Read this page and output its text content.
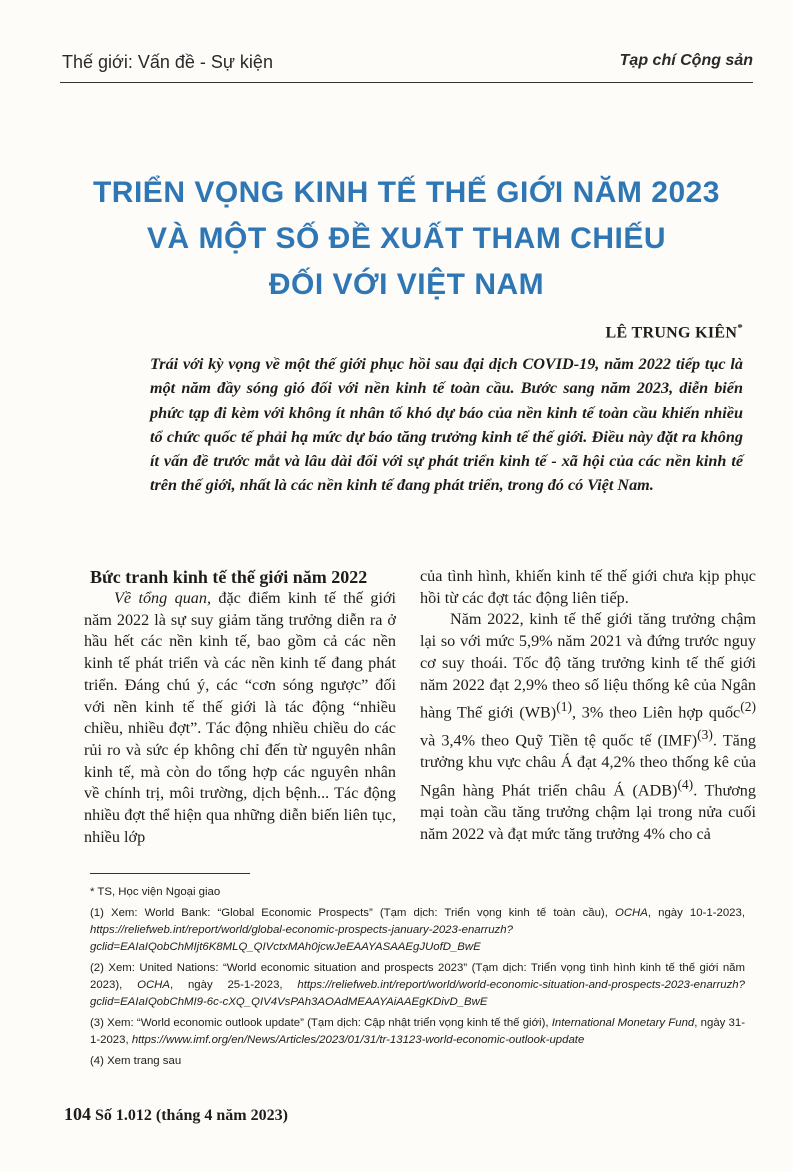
Thế giới: Vấn đề - Sự kiện	Tạp chí Cộng sản
TRIỂN VỌNG KINH TẾ THẾ GIỚI NĂM 2023
VÀ MỘT SỐ ĐỀ XUẤT THAM CHIẾU
ĐỐI VỚI VIỆT NAM
LÊ TRUNG KIÊN*

Trái với kỳ vọng về một thế giới phục hồi sau đại dịch COVID-19, năm 2022 tiếp tục là một năm đầy sóng gió đối với nền kinh tế toàn cầu. Bước sang năm 2023, diễn biến phức tạp đi kèm với không ít nhân tố khó dự báo của nền kinh tế toàn cầu khiến nhiều tổ chức quốc tế phải hạ mức dự báo tăng trưởng kinh tế thế giới. Điều này đặt ra không ít vấn đề trước mắt và lâu dài đối với sự phát triển kinh tế - xã hội của các nền kinh tế trên thế giới, nhất là các nền kinh tế đang phát triển, trong đó có Việt Nam.

Bức tranh kinh tế thế giới năm 2022

Về tổng quan, đặc điểm kinh tế thế giới năm 2022 là sự suy giảm tăng trưởng diễn ra ở hầu hết các nền kinh tế, bao gồm cả các nền kinh tế phát triển và các nền kinh tế đang phát triển. Đáng chú ý, các “cơn sóng ngược” đối với nền kinh tế thế giới là tác động “nhiều chiều, nhiều đợt”. Tác động nhiều chiều do các rủi ro và sức ép không chỉ đến từ nguyên nhân kinh tế, mà còn do tổng hợp các nguyên nhân về chính trị, môi trường, dịch bệnh... Tác động nhiều đợt thể hiện qua những diễn biến liên tục, nhiều lớp

của tình hình, khiến kinh tế thế giới chưa kịp phục hồi từ các đợt tác động liên tiếp.

Năm 2022, kinh tế thế giới tăng trưởng chậm lại so với mức 5,9% năm 2021 và đứng trước nguy cơ suy thoái. Tốc độ tăng trưởng kinh tế thế giới năm 2022 đạt 2,9% theo số liệu thống kê của Ngân hàng Thế giới (WB)$^{(1)}$, 3% theo Liên hợp quốc$^{(2)}$ và 3,4% theo Quỹ Tiền tệ quốc tế (IMF)$^{(3)}$. Tăng trưởng khu vực châu Á đạt 4,2% theo thống kê của Ngân hàng Phát triển châu Á (ADB)$^{(4)}$. Thương mại toàn cầu tăng trưởng chậm lại trong nửa cuối năm 2022 và đạt mức tăng trưởng 4% cho cả

* TS, Học viện Ngoại giao

(1) Xem: World Bank: “Global Economic Prospects” (Tạm dịch: Triển vọng kinh tế toàn cầu), OCHA, ngày 10-1-2023, https://reliefweb.int/report/world/global-economic-prospects-january-2023-enarruzh?gclid=EAIaIQobChMIjt6K8MLQ_QIVctxMAh0jcwJeEAAYASAAEgJUofD_BwE

(2) Xem: United Nations: “World economic situation and prospects 2023” (Tạm dịch: Triển vọng tình hình kinh tế thế giới năm 2023), OCHA, ngày 25-1-2023, https://reliefweb.int/report/world/world-economic-situation-and-prospects-2023-enarruzh?gclid=EAIaIQobChMI9-6c-cXQ_QIV4VsPAh3AOAdMEAAYAiAAEgKDivD_BwE

(3) Xem: “World economic outlook update” (Tạm dịch: Cập nhật triển vọng kinh tế thế giới), International Monetary Fund, ngày 31-1-2023, https://www.imf.org/en/News/Articles/2023/01/31/tr-13123-world-economic-outlook-update

(4) Xem trang sau

104 Số 1.012 (tháng 4 năm 2023)
